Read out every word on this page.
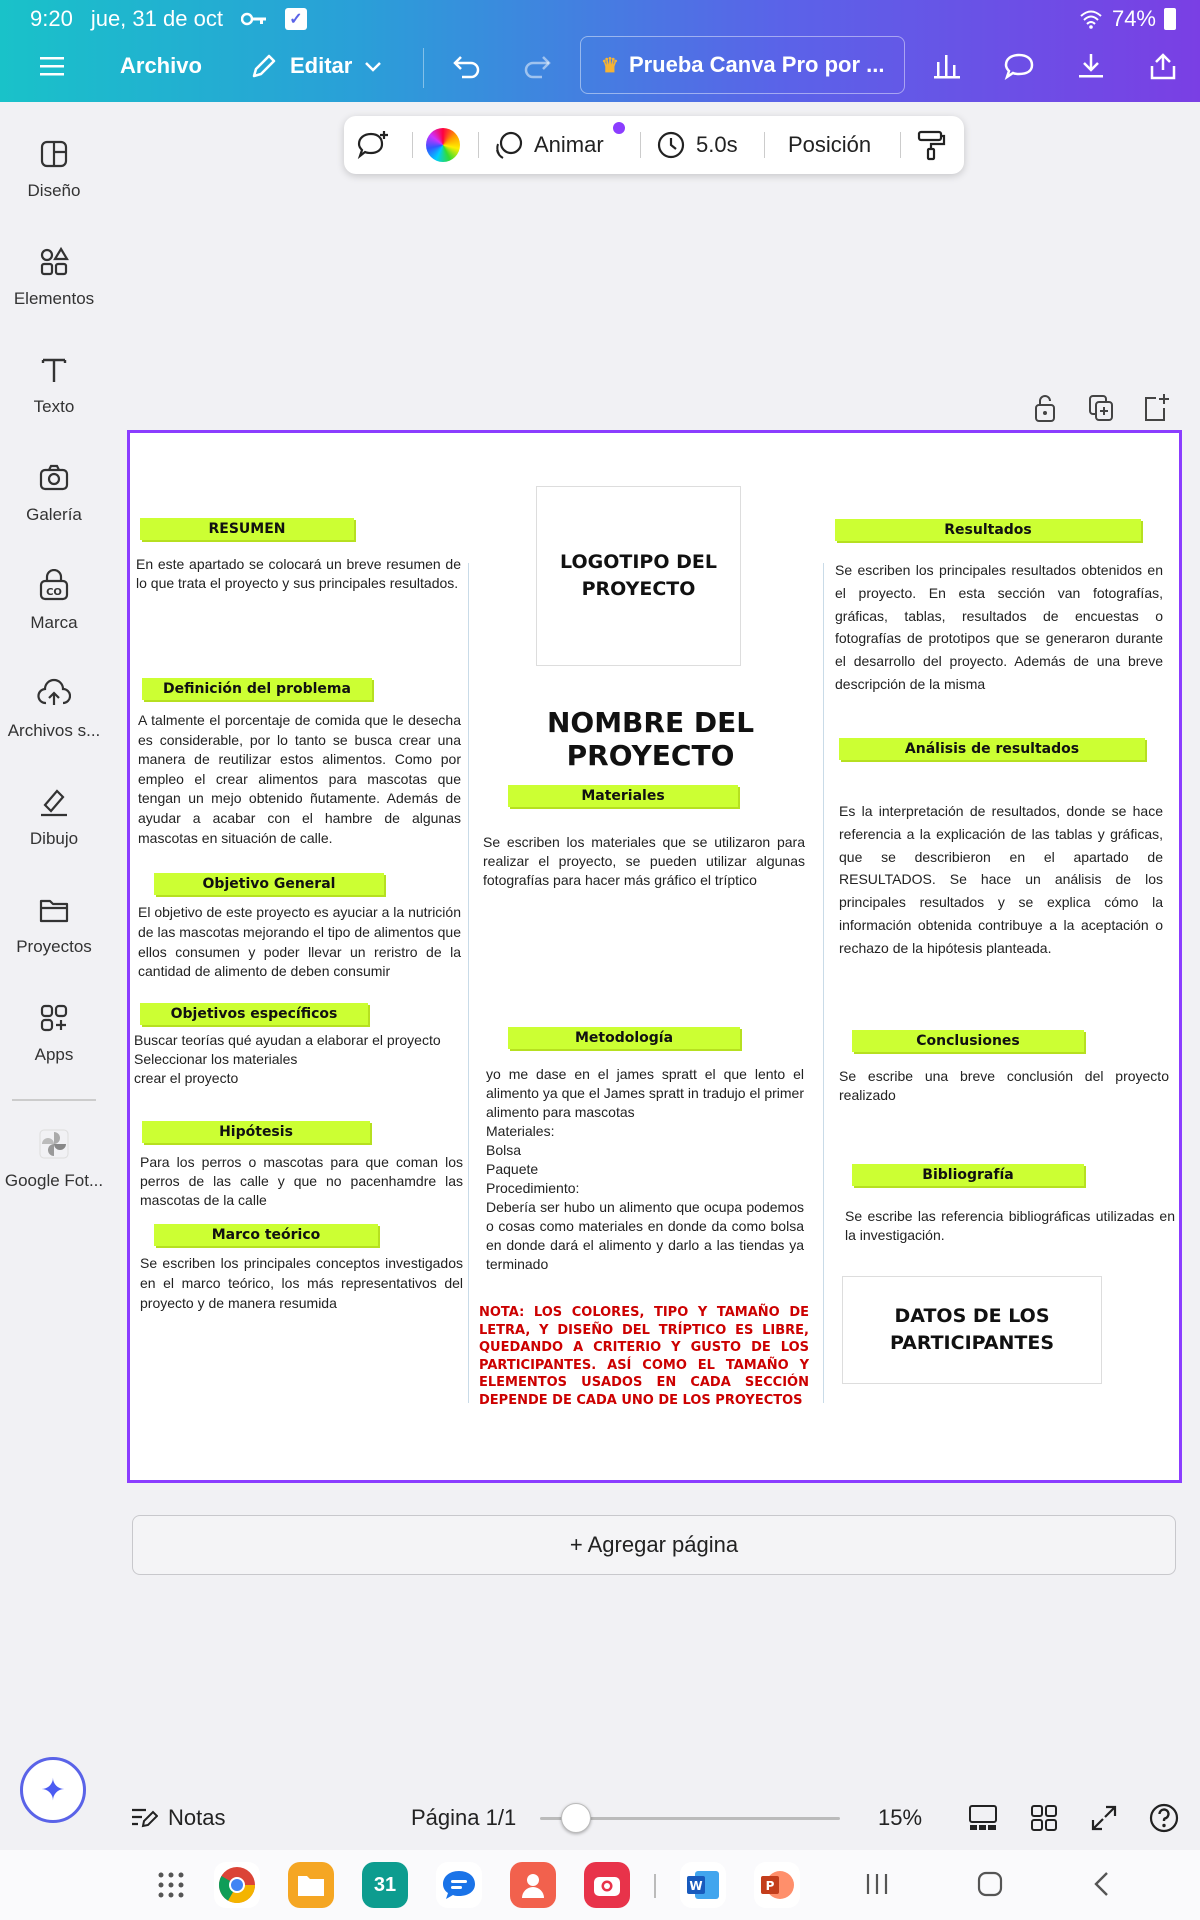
9:20 jue, 31 de oct	✓	74%
Archivo	Editar	♛ Prueba Canva Pro por ...
Diseño
Elementos
Texto
Galería
CO
Marca
Archivos s...
Dibujo
Proyectos
Apps
Google Fot...
Animar	5.0s Posición
RESUMEN
En este apartado se colocará un breve resumen de lo que trata el proyecto y sus principales resultados.
Definición del problema
A talmente el porcentaje de comida que le desecha es considerable, por lo tanto se busca crear una manera de reutilizar estos alimentos. Como por empleo el crear alimentos para mascotas que tengan un mejo obtenido ñutamente. Además de ayudar a acabar con el hambre de algunas mascotas en situación de calle.
Objetivo General
El objetivo de este proyecto es ayuciar a la nutrición de las mascotas mejorando el tipo de alimentos que ellos consumen y poder llevar un reristro de la cantidad de alimento de deben consumir
Objetivos específicos
Buscar teorías qué ayudan a elaborar el proyecto
Seleccionar los materiales
crear el proyecto
Hipótesis
Para los perros o mascotas para que coman los perros de las calle y que no pacenhamdre las mascotas de la calle
Marco teórico
Se escriben los principales conceptos investigados en el marco teórico, los más representativos del proyecto y de manera resumida
LOGOTIPO DEL PROYECTO
NOMBRE DEL PROYECTO
Materiales
Se escriben los materiales que se utilizaron para realizar el proyecto, se pueden utilizar algunas fotografías para hacer más gráfico el tríptico
Metodología
yo me dase en el james spratt el que lento el alimento ya que el James spratt in tradujo el primer alimento para mascotas
Materiales:
Bolsa
Paquete
Procedimiento:
Debería ser hubo un alimento que ocupa podemos o cosas como materiales en donde da como bolsa en donde dará el alimento y darlo a las tiendas ya terminado
NOTA: LOS COLORES, TIPO Y TAMAÑO DE LETRA, Y DISEÑO DEL TRÍPTICO ES LIBRE, QUEDANDO A CRITERIO Y GUSTO DE LOS PARTICIPANTES. ASÍ COMO EL TAMAÑO Y ELEMENTOS USADOS EN CADA SECCIÓN DEPENDE DE CADA UNO DE LOS PROYECTOS
Resultados
Se escriben los principales resultados obtenidos en el proyecto. En esta sección van fotografías, gráficas, tablas, resultados de encuestas o fotografías de prototipos que se generaron durante el desarrollo del proyecto. Además de una breve descripción de la misma
Análisis de resultados
Es la interpretación de resultados, donde se hace referencia a la explicación de las tablas y gráficas, que se describieron en el apartado de RESULTADOS. Se hace un análisis de los principales resultados y se explica cómo la información obtenida contribuye a la aceptación o rechazo de la hipótesis planteada.
Conclusiones
Se escribe una breve conclusión del proyecto realizado
Bibliografía
Se escribe las referencia bibliográficas utilizadas en la investigación.
DATOS DE LOS PARTICIPANTES
+ Agregar página
✦
Notas	Página 1/1	15%
31	W	P
